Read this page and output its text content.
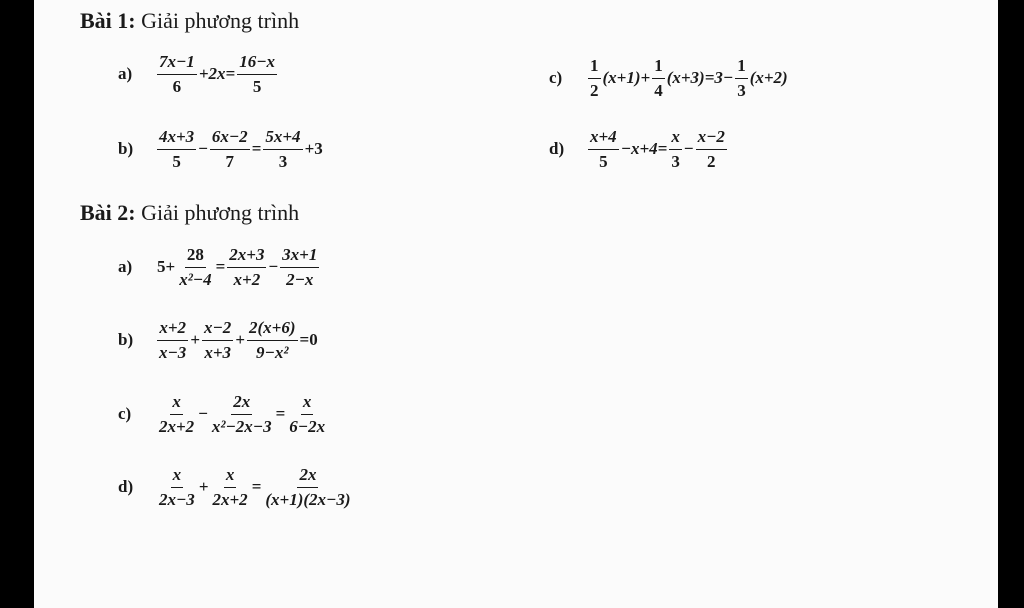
Bài 1: Giải phương trình
a)	$\frac{7x-1}{6} +2x= \frac{16-x}{5}$
b)	$\frac{4x+3}{5} - \frac{6x-2}{7} = \frac{5x+4}{3} +3$
c)	$\frac{1}{2} (x+1)+ \frac{1}{4} (x+3)=3- \frac{1}{3} (x+2)$
d)	$\frac{x+4}{5} -x+4= \frac{x}{3} - \frac{x-2}{2}$
Bài 2: Giải phương trình
a)	$5+ \frac{28}{\text{x²−4}} = \frac{2x+3}{x+2} - \frac{3x+1}{2-x}$
b)	$\frac{x+2}{x-3} + \frac{x-2}{x+3} + \frac{2(x+6)}{\text{9−x²}} =0$
c)	$\frac{x}{2x+2} - \frac{2x}{\text{x²−2x−3}} = \frac{x}{6-2x}$
d)	$\frac{x}{2x-3} + \frac{x}{2x+2} = \frac{2x}{(x+1)(2x-3)}$
